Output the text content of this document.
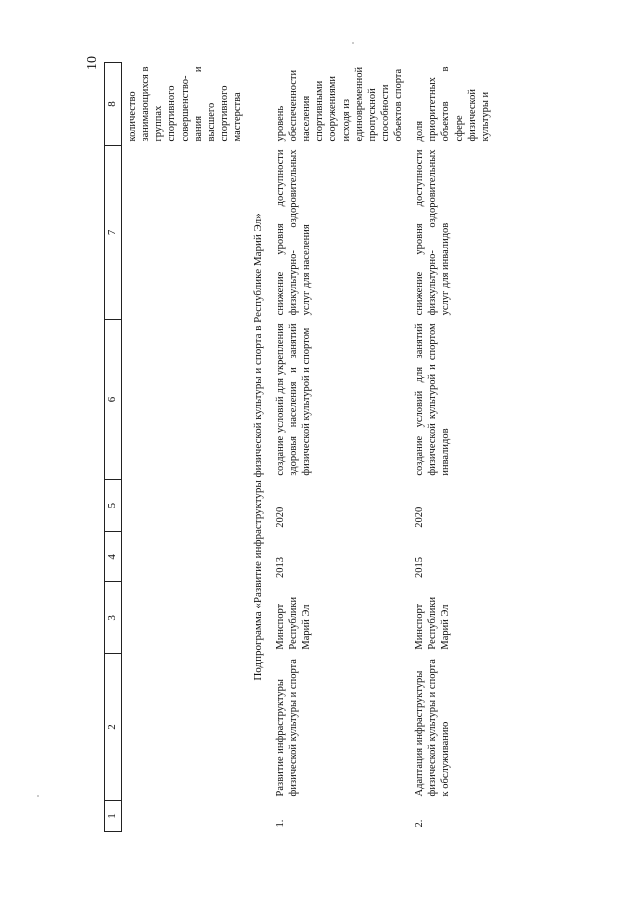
10
1	2	3	4	5	6	7	8
							количество занимающихся в группах спортивного совершенство- вания и высшего спортивного мастерства
Подпрограмма «Развитие инфраструктуры физической культуры и спорта в Республике Марий Эл»							
1.	Развитие инфраструктуры физической культуры и спорта	Минспорт Республики Марий Эл	2013	2020	создание условий для укрепления здоровья населения и занятий физической культурой и спортом	снижение уровня доступности физкультурно- оздоровительных услуг для населения	уровень обеспеченности населения спортивными сооружениями исходя из единовременной пропускной способности объектов спорта
2.	Адаптация инфраструктуры физической культуры и спорта к обслуживанию	Минспорт Республики Марий Эл	2015	2020	создание условий для занятий физической культурой и спортом инвалидов	снижение уровня доступности физкультурно- оздоровительных услуг для инвалидов	доля приоритетных объектов в сфере физической культуры и
